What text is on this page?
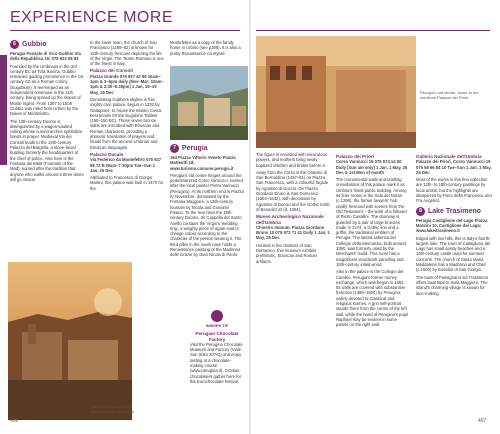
EXPERIENCE MORE
6 Gubbio

Perugia Fossato di Vico-Gubbio Via della Repubblica 15; 075 922 06 93

Founded by the Umbrians in the 3rd century BC as Tota Ikovina, Gubbio remained guiding prominence in the 1st century AD as a Roman colony (Eugubium). It reemerged as an independent commune in the 11th century, being spread up the slopes of Monte Ingino. From 1387 to 1508 Gubbio was ruled from Urbino by the Dukes of Montefeltro.

The 13th-century Duomo is distinguished by a wagon-vaulted ceiling whose curved arches symbolize hands in prayer. Medieval Via dei Consoli leads to the 13th-century Palazzo del Bargello, a stone-faced building formerly the headquarters of the chief of police. Also here is the Fontana dei Matti (Fountain of the Mad); named after the tradition that anyone who walks around it three times will go insane.

In the lower town, the church of San Francesco (1259–82) is known for 15th-century frescoes depicting the life of the Virgin. The Teatro Romano is one of the finest in Italy.

Palazzo dei Consoli

Piazza Grande 075 927 42 98 10am–1pm & 3–6pm daily (Nov–Mar: 10am–1pm & 2:30–5:30pm) 1 Jan, 15–19 May, 25 Dec

Dominating Gubbio's skyline is this mighty civic palace, begun in 1332 by Gattapone, to house the Museo Civico, best known for the Eugubine Tablets (250–150 BC). These seven bronze slabs are inscribed with Etruscan and Roman characters, providing a phonetic translation of prayers and rituals from the ancient Umbrian and Etruscan languages.

Palazzo Ducale

Via Federico da Montefeltro 075 927 58 72 8:30am–7:30pm Tue–Sun 1 Jan, 25 Dec

Attributed to Francesco di Giorgio Martini, this palace was built in 1470 for the

Montefeltro as a copy of the family home in Urbino (see p398). It is also a pretty Renaissance courtyard.

The sun rising over the medieval town of Gubbio
7 Perugia

164 Piazza Vittorio Veneto Piazza Matteotti 18; www.turismo.comune.perugia.it

Perugia's old centre hinges around the pedestrianized Corso Vannucci, named after the local painter Pietro Vannucci (Perugino). At its northern end is Piazza IV Novembre, dominated by the Fontana Maggiore, a 13th-century fountain by Nicola and Giovanni Pisano. To the rear rises the 15th-century Duomo. Its Cappella del Santo Anello contains the Virgin's 'wedding ring', a weighty piece of agate said to change colour according to the character of the person wearing it. The third pillar in the south nave holds a Renaissance painting of the Madonna delle Grazie by Gian Nicola di Paolo.

INSIDER TIP
Perugian Chocolate Factory

Visit the Perugina Chocolate Museum and Factory (Viale San Sisto 207/Q) and enjoy tasting at a chocolate-making course (www.perugina.it). October, chocolatiers gather here for the Eurochocolate festival.

406
Perugia's old centre, home to the medieval Palazzo dei Priori

The figure is encircled with miraculous powers, and mothers bring newly baptized children and brides before it.

Away from the Corso is the Oratorio di San Bernardino (1457–61) on Piazza San Francesco, with a colourful façade by Agostino di Duccio. On Piazza Giordano Bruno is San Domenico (1304–1632), with decoration by Agostino di Duccio and the Gothic tomb of Benedict XI (d. 1304).

Museo Archeologico Nazionale dell'Umbria

Chiostro monum. Piazza Giordano Bruno 10 075 572 71 41 Daily 1 Jan, 1 May, 25 Dec

Housed in the cloisters of San Domenico, this museum exhibits prehistoric, Etruscan and Roman artifacts.

Palazzo dei Priori

Corso Vannucci 19 075 574 14 00 Daily (Sun am only) 1 Jan, 1 May, 25 Dec & 1st Mon of month

The monumental walls and bristling crenellations of this palace mark it as Umbria's finest public building. Among its finer rooms is the Sala dei Notari (c.1296), the former lawyers' hall, vividly frescoed with scenes from the Old Testament – the work of a follower of Pietro Cavallini. The doorway is guarded by a pair of large bronzes made in 1274: a Gothic lion and a griffin, the traditional emblem of Perugia. The lateral Udienza del Collegio della Mercanzia, built around 1390, was formerly used by the Merchants' Guild. This room has a magnificent woodwork panelling and 15th-century inlaid wood.

Also in the palace is the Collegio del Cambio, Perugia's former money exchange, which was begun in 1452. Its walls are covered with substantive frescoes (1498–1500) by Perugino, widely devoted to Classical and religious scenes. A grin self-portrait stands there from the centre of the left wall, while the hand of Perugino's pupil Raphael may be evident in some panels on the right wall.

Galleria Nazionale dell'Umbria

Palazzo dei Priori, Corso Vannucci 19 075 58 66 84 10 Tue–Sun 1 Jan, 1 May, 25 Dec

Most of the works in this fine collection are 13th- to 18th-century paintings by local artists, but the highlights are altarpieces by Piero della Francesca and Fra Angelico.

8 Lake Trasimeno

Perugia Castiglione del Lago Piazza Mazzini 10, Castiglione del Lago; www.lakeitrasimeno.it

Edged with low hills, this is Italy's fourth-largest lake. The town of Castiglione del Lago has small sandy beaches and a 16th-century castle used for summer concerts. The church of Santa Maria Maddalena has a Madonna and Child (c.1500) by Eusebio di San Giorgio.

The town of Passignano sul Trasimeno offers boat trips to Isola Maggiore. The island's charming village is known for lace-making.

407
